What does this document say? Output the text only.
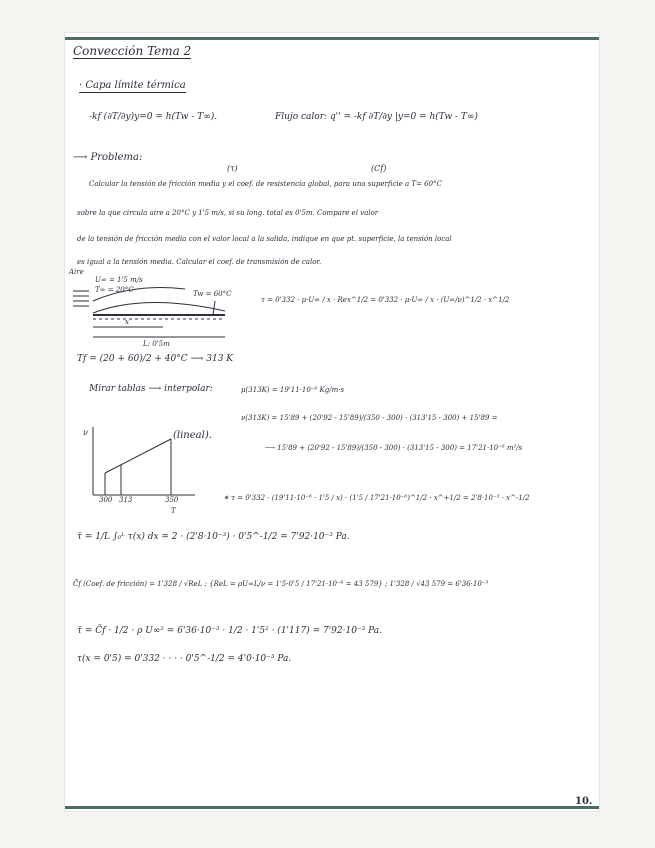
Convección Tema 2
· Capa límite térmica
-kf (∂T/∂y)y=0 = h(Tw - T∞).	Flujo calor: q'' = -kf ∂T/∂y |y=0 = h(Tw - T∞)
⟶ Problema:
(τ)	(Cf)
Calcular la tensión de fricción media y el coef. de resistencia global, para una superficie a T= 60°C
sobre la que circula aire a 20°C y 1'5 m/s, si su long. total es 0'5m. Compare el valor
de la tensión de fricción media con el valor local a la salida, indique en que pt. superficie, la tensión local
es igual a la tensión media. Calcular el coef. de transmisión de calor.
Aire
U∞ = 1'5 m/s
T∞ = 20°C	Tw = 60°C
x
L: 0'5m
τ = 0'332 · μ·U∞ / x · Rex^1/2 = 0'332 · μ·U∞ / x · (U∞/ν)^1/2 · x^1/2
Tf = (20 + 60)/2 + 40°C ⟶ 313 K
Mirar tablas ⟶ interpolar:	μ(313K) = 19'11·10⁻⁶ Kg/m·s
ν(313K) = 15'89 + (20'92 - 15'89)/(350 - 300) · (313'15 - 300) + 15'89 =
⟶ 15'89 + (20'92 - 15'89)/(350 - 300) · (313'15 - 300) = 17'21·10⁻⁶ m²/s
ν	(lineal).
300 313	350
T
✶ τ = 0'332 · (19'11·10⁻⁶ · 1'5 / x) · (1'5 / 17'21·10⁻⁶)^1/2 · x^+1/2 = 2'8·10⁻³ · x^-1/2
τ̄ = 1/L ∫₀ᴸ τ(x) dx = 2 · (2'8·10⁻³) · 0'5^-1/2 = 7'92·10⁻³ Pa.
C̄f (Coef. de fricción) = 1'328 / √ReL ; {ReL = ρU∞L/ν = 1'5·0'5 / 17'21·10⁻⁶ = 43 579} ; 1'328 / √43 579 = 6'36·10⁻³
τ̄ = C̄f · 1/2 · ρ U∞² = 6'36·10⁻³ · 1/2 · 1'5² · (1'117) = 7'92·10⁻³ Pa.
τ(x = 0'5) = 0'332 · · · · 0'5^-1/2 = 4'0·10⁻³ Pa.
10.
